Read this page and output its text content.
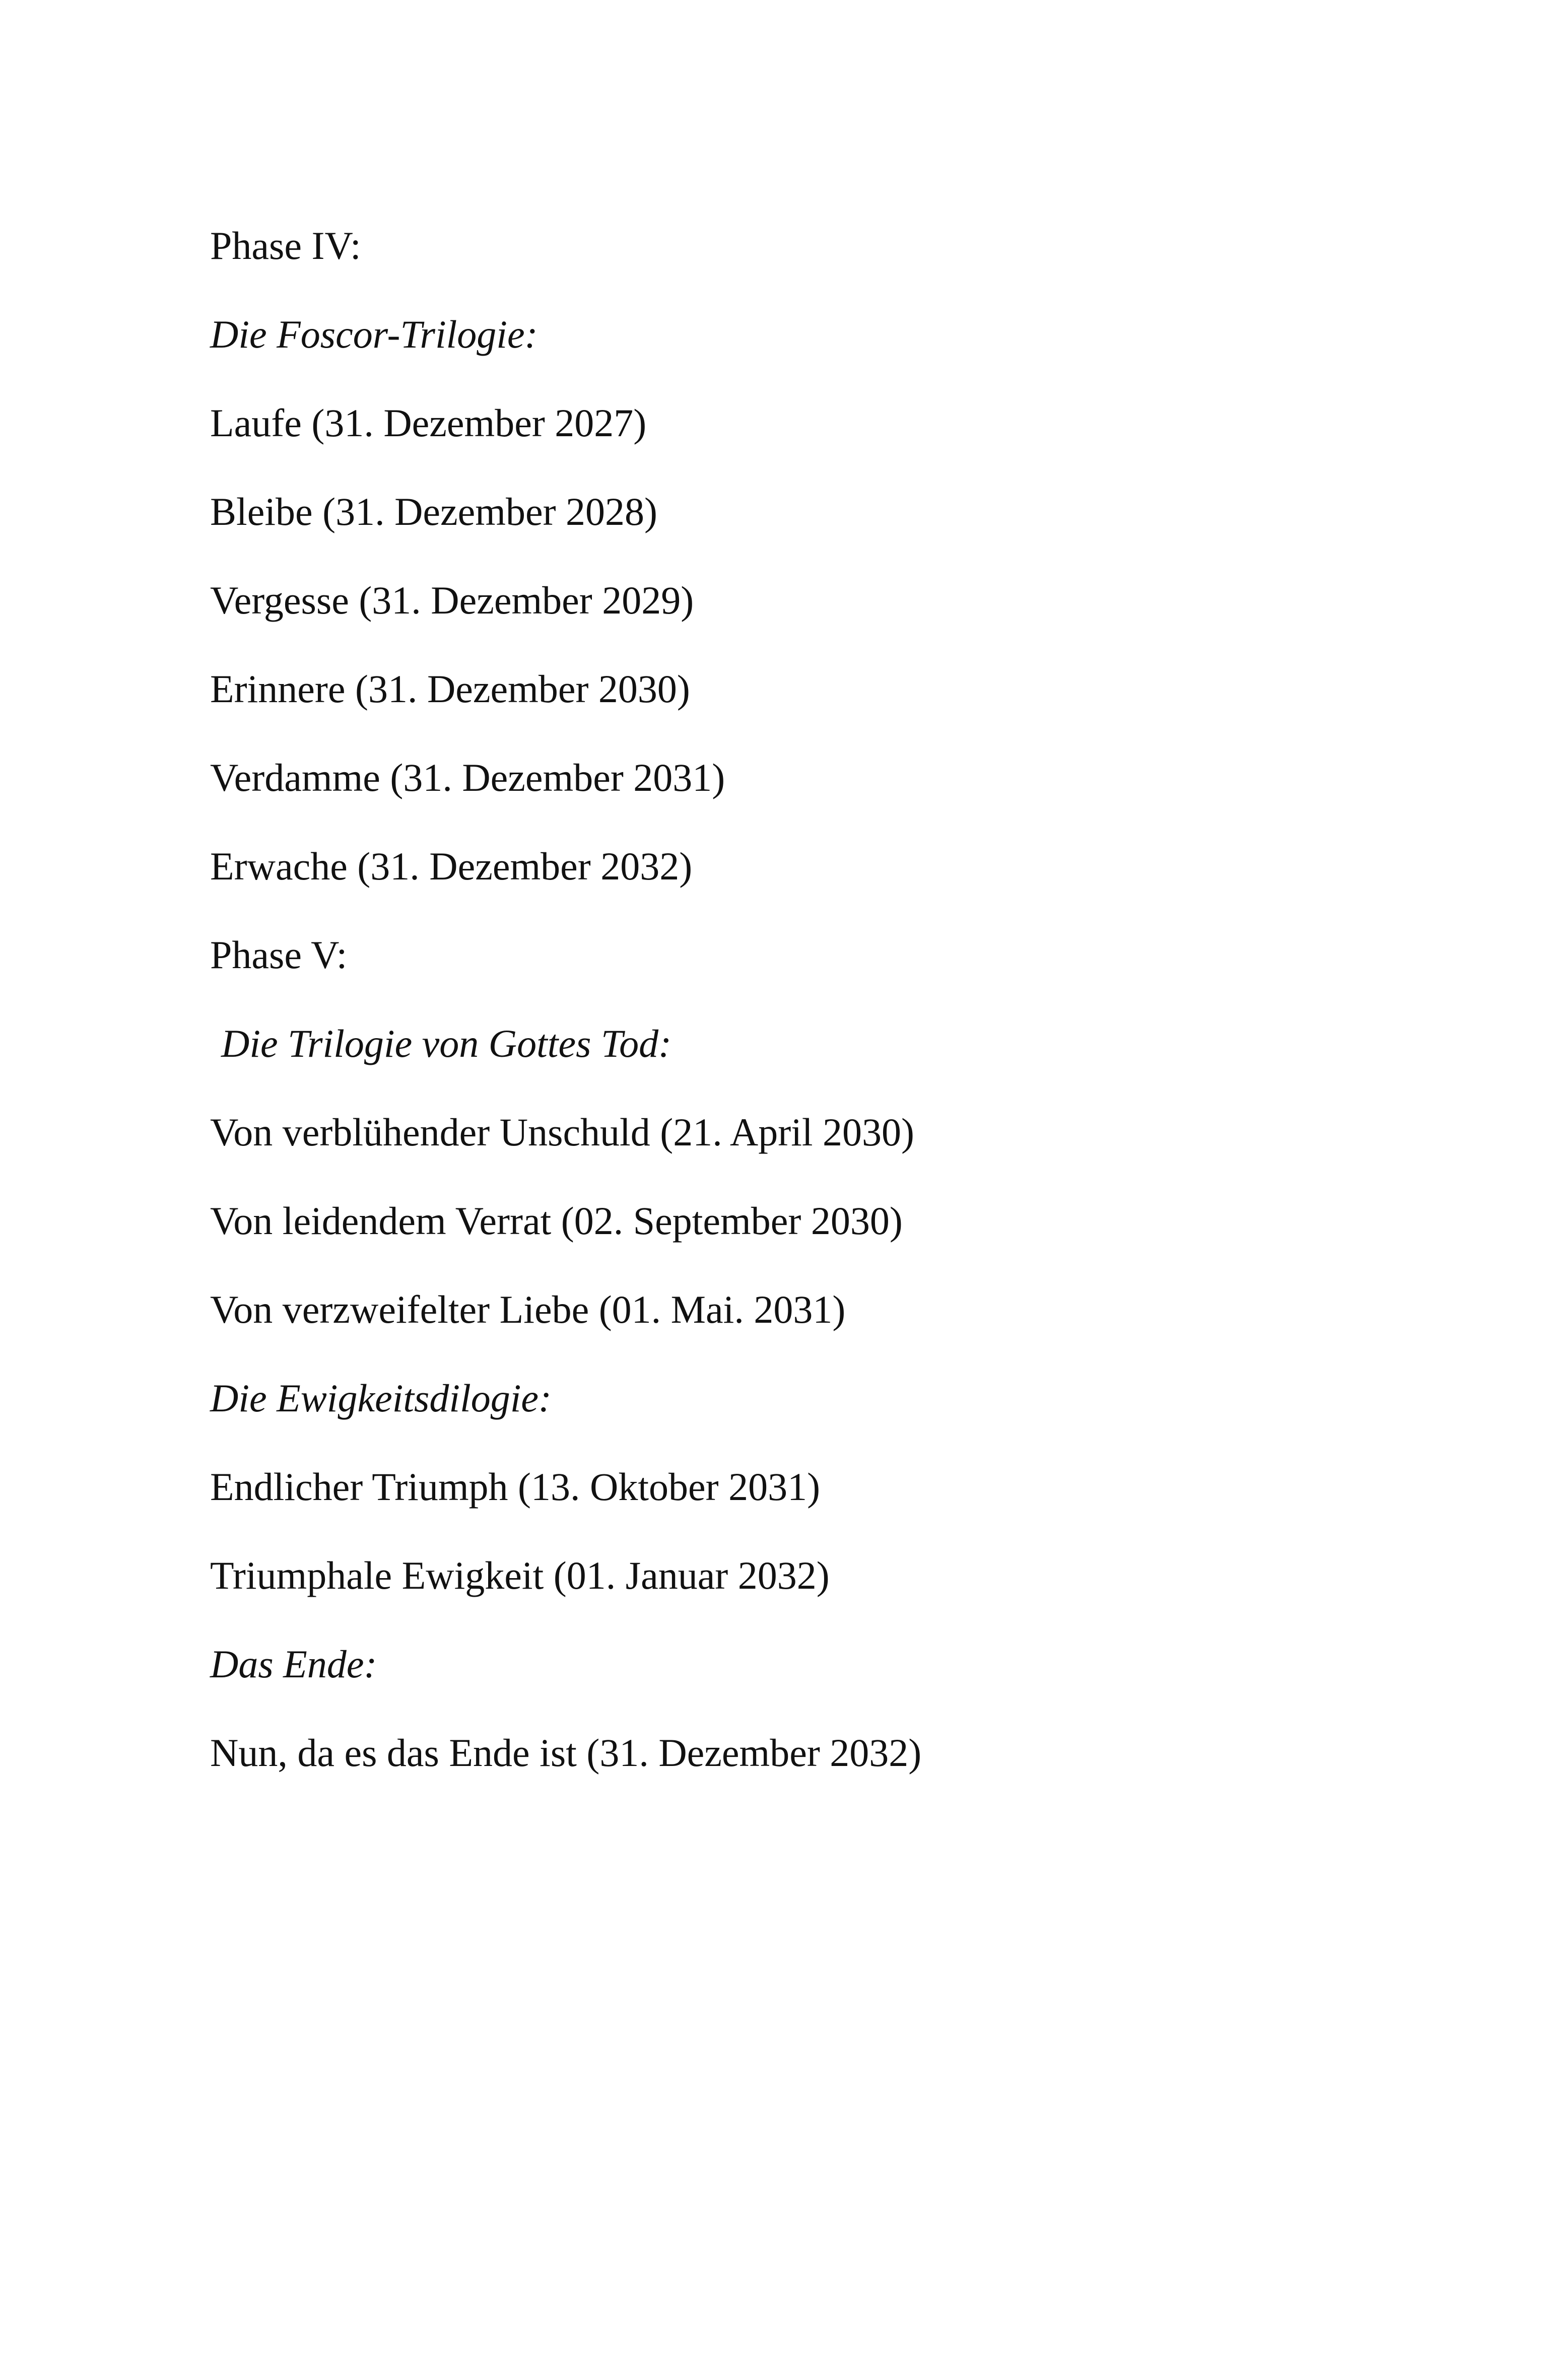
Phase IV:
Die Foscor-Trilogie:
Laufe (31. Dezember 2027)
Bleibe (31. Dezember 2028)
Vergesse (31. Dezember 2029)
Erinnere (31. Dezember 2030)
Verdamme (31. Dezember 2031)
Erwache (31. Dezember 2032)
Phase V:
Die Trilogie von Gottes Tod:
Von verblühender Unschuld (21. April 2030)
Von leidendem Verrat (02. September 2030)
Von verzweifelter Liebe (01. Mai. 2031)
Die Ewigkeitsdilogie:
Endlicher Triumph (13. Oktober 2031)
Triumphale Ewigkeit (01. Januar 2032)
Das Ende:
Nun, da es das Ende ist (31. Dezember 2032)
